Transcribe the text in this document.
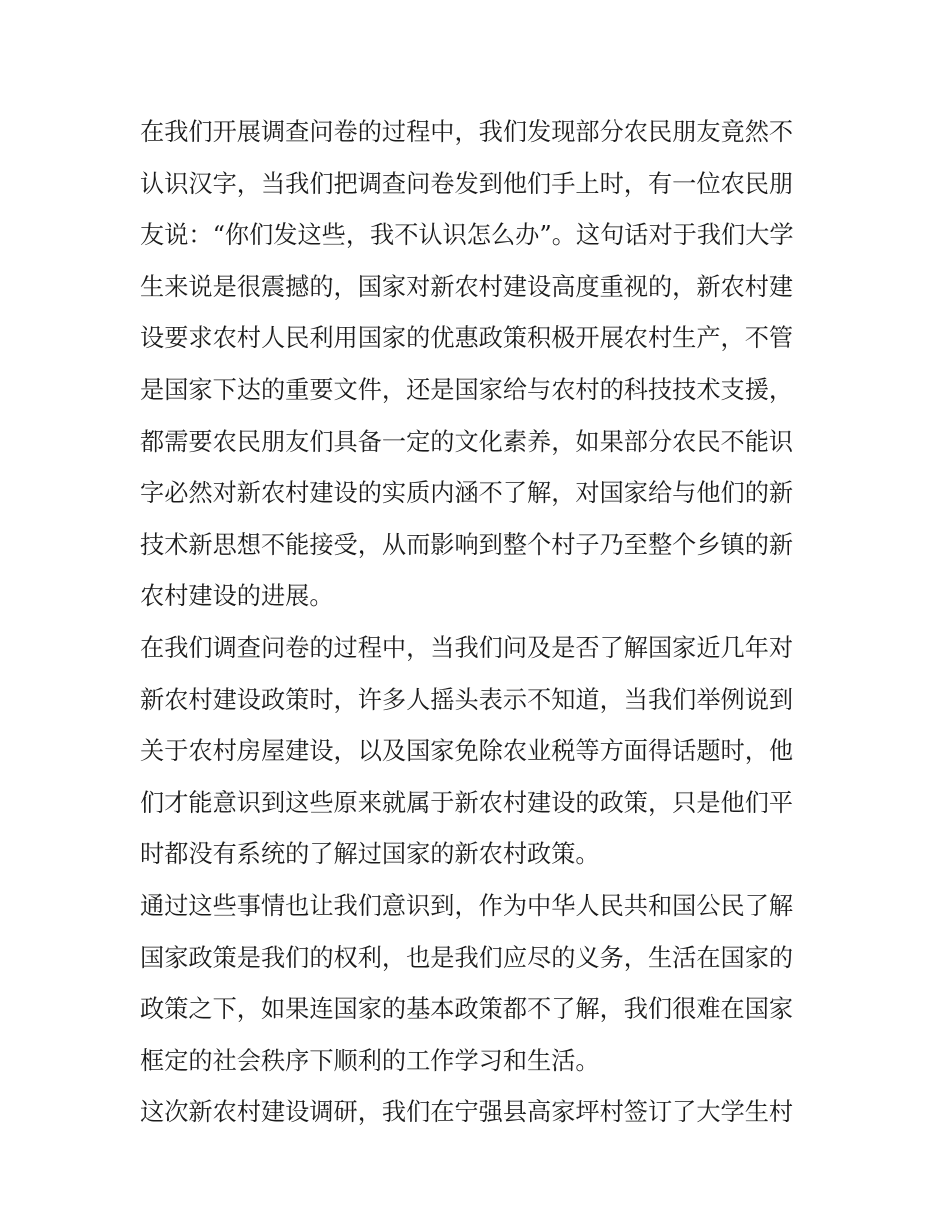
在我们开展调查问卷的过程中，我们发现部分农民朋友竟然不
认识汉字，当我们把调查问卷发到他们手上时，有一位农民朋
友说：“你们发这些，我不认识怎么办”。这句话对于我们大学
生来说是很震撼的，国家对新农村建设高度重视的，新农村建
设要求农村人民利用国家的优惠政策积极开展农村生产，不管
是国家下达的重要文件，还是国家给与农村的科技技术支援，
都需要农民朋友们具备一定的文化素养，如果部分农民不能识
字必然对新农村建设的实质内涵不了解，对国家给与他们的新
技术新思想不能接受，从而影响到整个村子乃至整个乡镇的新
农村建设的进展。
在我们调查问卷的过程中，当我们问及是否了解国家近几年对
新农村建设政策时，许多人摇头表示不知道，当我们举例说到
关于农村房屋建设，以及国家免除农业税等方面得话题时，他
们才能意识到这些原来就属于新农村建设的政策，只是他们平
时都没有系统的了解过国家的新农村政策。
通过这些事情也让我们意识到，作为中华人民共和国公民了解
国家政策是我们的权利，也是我们应尽的义务，生活在国家的
政策之下，如果连国家的基本政策都不了解，我们很难在国家
框定的社会秩序下顺利的工作学习和生活。
这次新农村建设调研，我们在宁强县高家坪村签订了大学生村
